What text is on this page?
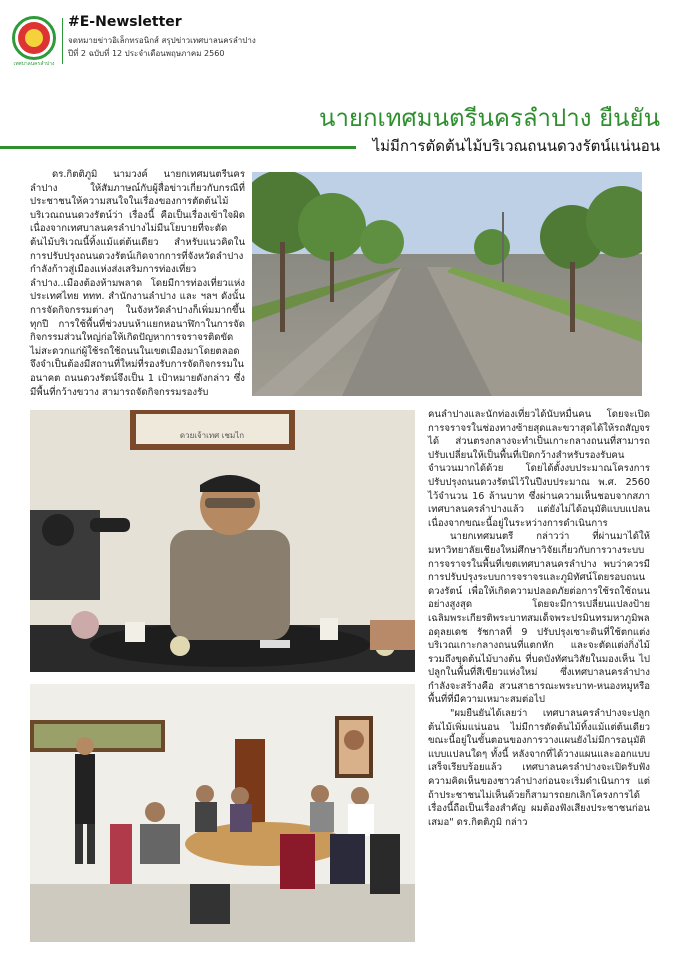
เทศบาลนครลำปาง
#E-Newsletter
จดหมายข่าวอิเล็กทรอนิกส์ สรุปข่าวเทศบาลนครลำปาง
ปีที่ 2 ฉบับที่ 12 ประจำเดือนพฤษภาคม 2560
นายกเทศมนตรีนครลำปาง ยืนยัน
ไม่มีการตัดต้นไม้บริเวณถนนดวงรัตน์แน่นอน

ดร.กิตติภูมิ นามวงค์ นายกเทศมนตรีนครลำปาง ให้สัมภาษณ์กับผู้สื่อข่าวเกี่ยวกับกรณีที่ประชาชนให้ความสนใจในเรื่องของการตัดต้นไม้บริเวณถนนดวงรัตน์ว่า เรื่องนี้ คือเป็นเรื่องเข้าใจผิด เนื่องจากเทศบาลนครลำปางไม่มีนโยบายที่จะตัดต้นไม้บริเวณนี้ทิ้งแม้แต่ต้นเดียว สำหรับแนวคิดในการปรับปรุงถนนดวงรัตน์เกิดจากการที่จังหวัดลำปาง กำลังก้าวสู่เมืองแห่งส่งเสริมการท่องเที่ยว ลำปาง..เมืองต้องห้ามพลาด โดยมีการท่องเที่ยวแห่งประเทศไทย ททท. สำนักงานลำปาง และ ฯลฯ ดังนั้นการจัดกิจกรรมต่างๆ ในจังหวัดลำปางก็เพิ่มมากขึ้นทุกปี การใช้พื้นที่ช่วงบนห้าแยกหอนาฬิกาในการจัดกิจกรรมส่วนใหญ่ก่อให้เกิดปัญหาการจราจรติดขัด ไม่สะดวกแก่ผู้ใช้รถใช้ถนนในเขตเมืองมาโดยตลอด จึงจำเป็นต้องมีสถานที่ใหม่ที่รองรับการจัดกิจกรรมในอนาคต ถนนดวงรัตน์จึงเป็น 1 เป้าหมายดังกล่าว ซึ่งมีพื้นที่กว้างขวาง สามารถจัดกิจกรรมรองรับ

ดวยเจ้าเทศ เชมไก

คนลำปางและนักท่องเที่ยวได้นับหมื่นคน โดยจะเปิดการจราจรในช่องทางซ้ายสุดและขวาสุดได้ให้รถสัญจรได้ ส่วนตรงกลางจะทำเป็นเกาะกลางถนนที่สามารถปรับเปลี่ยนให้เป็นพื้นที่เปิดกว้างสำหรับรองรับคนจำนวนมากได้ด้วย โดยได้ตั้งงบประมาณโครงการปรับปรุงถนนดวงรัตน์ไว้ในปีงบประมาณ พ.ศ. 2560 ไว้จำนวน 16 ล้านบาท ซึ่งผ่านความเห็นชอบจากสภาเทศบาลนครลำปางแล้ว แต่ยังไม่ได้อนุมัติแบบแปลน เนื่องจากขณะนี้อยู่ในระหว่างการดำเนินการ

นายกเทศมนตรี กล่าวว่า ที่ผ่านมาได้ให้มหาวิทยาลัยเชียงใหม่ศึกษาวิจัยเกี่ยวกับการวางระบบการจราจรในพื้นที่เขตเทศบาลนครลำปาง พบว่าควรมีการปรับปรุงระบบการจราจรและภูมิทัศน์โดยรอบถนนดวงรัตน์ เพื่อให้เกิดความปลอดภัยต่อการใช้รถใช้ถนนอย่างสูงสุด โดยจะมีการเปลี่ยนแปลงป้ายเฉลิมพระเกียรติพระบาทสมเด็จพระปรมินทรมหาภูมิพลอดุลยเดช รัชกาลที่ 9 ปรับปรุงเซาะดินที่ใช้ตกแต่งบริเวณเกาะกลางถนนที่แตกหัก และจะตัดแต่งกิ่งไม้ รวมถึงขุดต้นไม้บางต้น ที่บดบังทัศนวิสัยในมองเห็น ไปปลูกในพื้นที่สีเขียวแห่งใหม่ ซึ่งเทศบาลนครลำปาง กำลังจะสร้างคือ สวนสาธารณะพระบาท-หนองหมูหรือพื้นที่ที่มีความเหมาะสมต่อไป

"ผมยืนยันได้เลยว่า เทศบาลนครลำปางจะปลูกต้นไม้เพิ่มแน่นอน ไม่มีการตัดต้นไม้ทิ้งแม้แต่ต้นเดียว ขณะนี้อยู่ในขั้นตอนของการวางแผนยังไม่มีการอนุมัติแบบแปลนใดๆ ทั้งนี้ หลังจากที่ได้วางแผนและออกแบบเสร็จเรียบร้อยแล้ว เทศบาลนครลำปางจะเปิดรับฟังความคิดเห็นของชาวลำปางก่อนจะเริ่มดำเนินการ แต่ถ้าประชาชนไม่เห็นด้วยก็สามารถยกเลิกโครงการได้ เรื่องนี้ถือเป็นเรื่องสำคัญ ผมต้องฟังเสียงประชาชนก่อนเสมอ" ดร.กิตติภูมิ กล่าว
